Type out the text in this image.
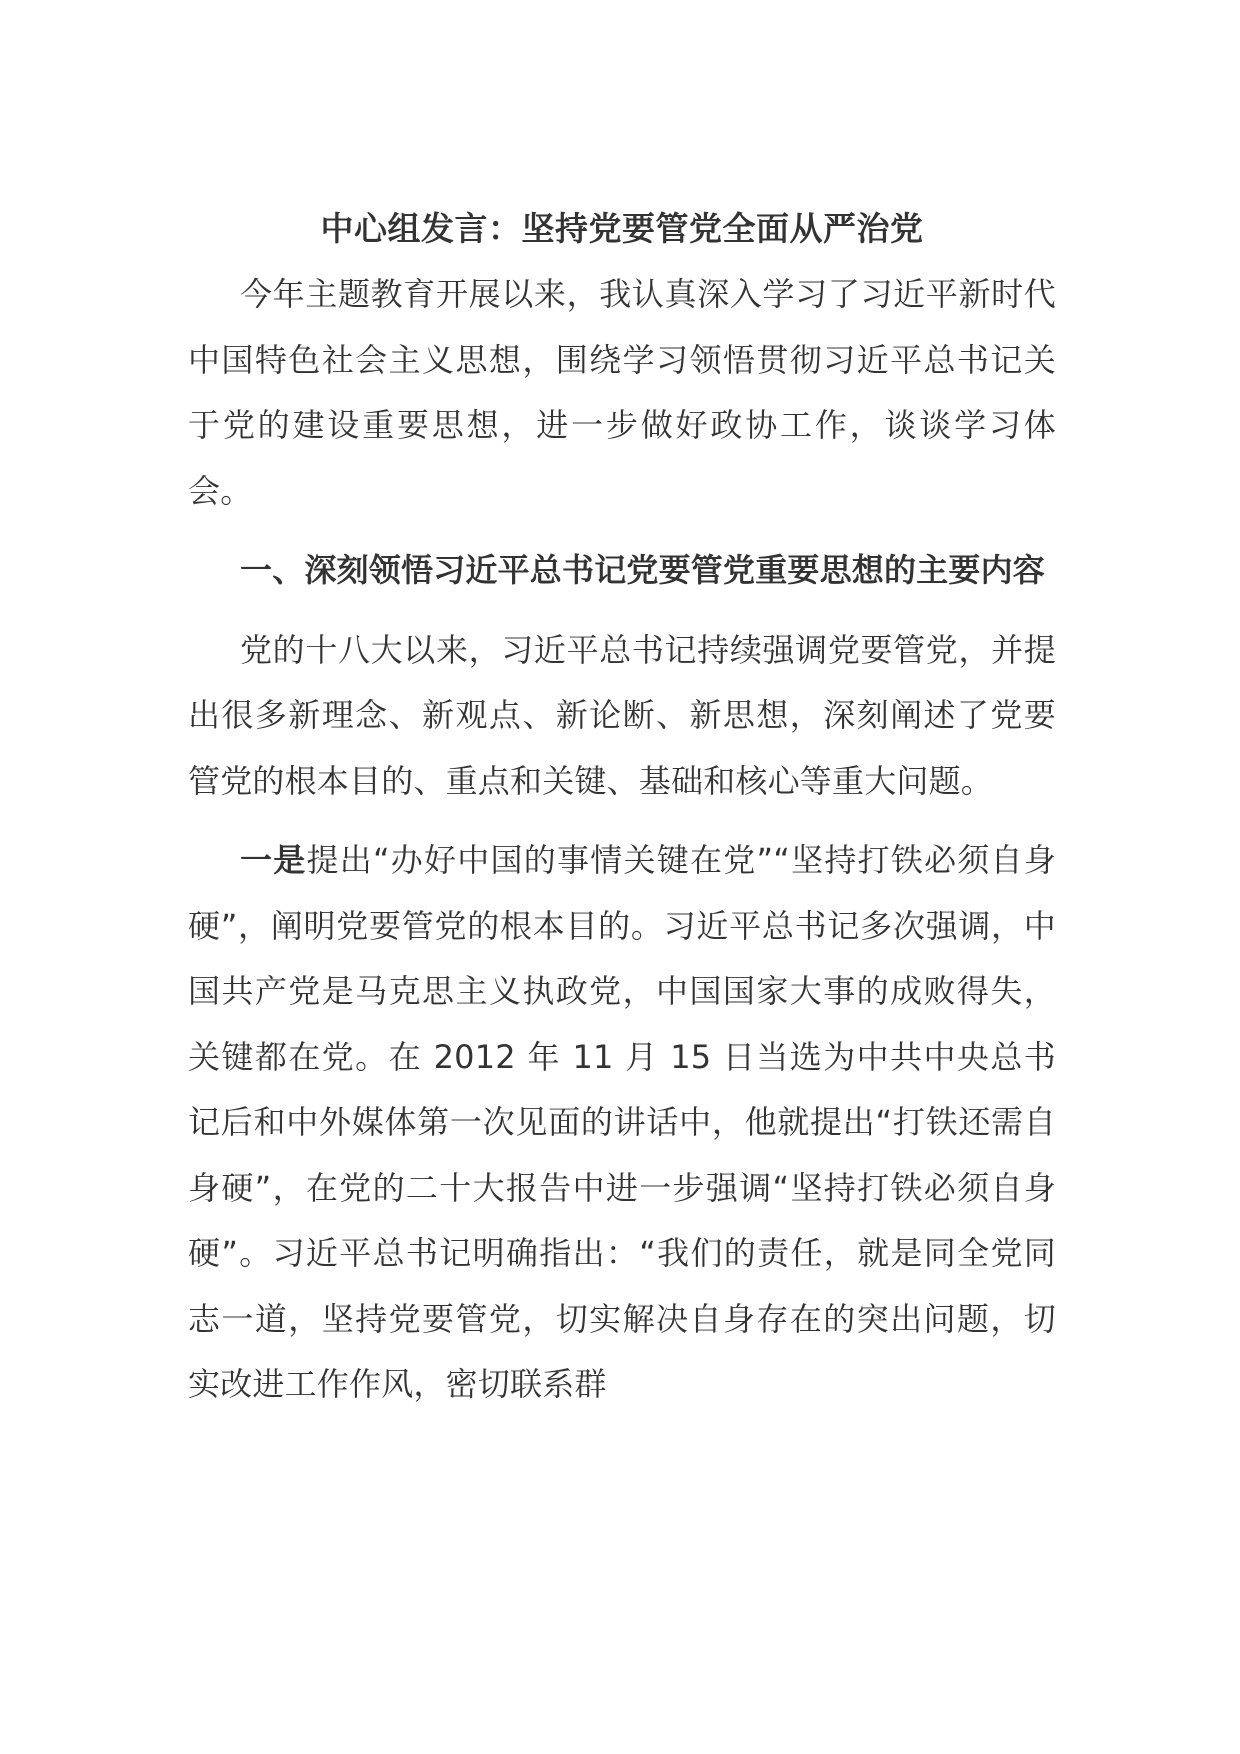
中心组发言：坚持党要管党全面从严治党

今年主题教育开展以来，我认真深入学习了习近平新时代中国特色社会主义思想，围绕学习领悟贯彻习近平总书记关于党的建设重要思想，进一步做好政协工作，谈谈学习体会。

一、深刻领悟习近平总书记党要管党重要思想的主要内容

党的十八大以来，习近平总书记持续强调党要管党，并提出很多新理念、新观点、新论断、新思想，深刻阐述了党要管党的根本目的、重点和关键、基础和核心等重大问题。

一是提出“办好中国的事情关键在党”“坚持打铁必须自身硬”，阐明党要管党的根本目的。习近平总书记多次强调，中国共产党是马克思主义执政党，中国国家大事的成败得失，关键都在党。在 2012 年 11 月 15 日当选为中共中央总书记后和中外媒体第一次见面的讲话中，他就提出“打铁还需自身硬”，在党的二十大报告中进一步强调“坚持打铁必须自身硬”。习近平总书记明确指出：“我们的责任，就是同全党同志一道，坚持党要管党，切实解决自身存在的突出问题，切实改进工作作风，密切联系群
